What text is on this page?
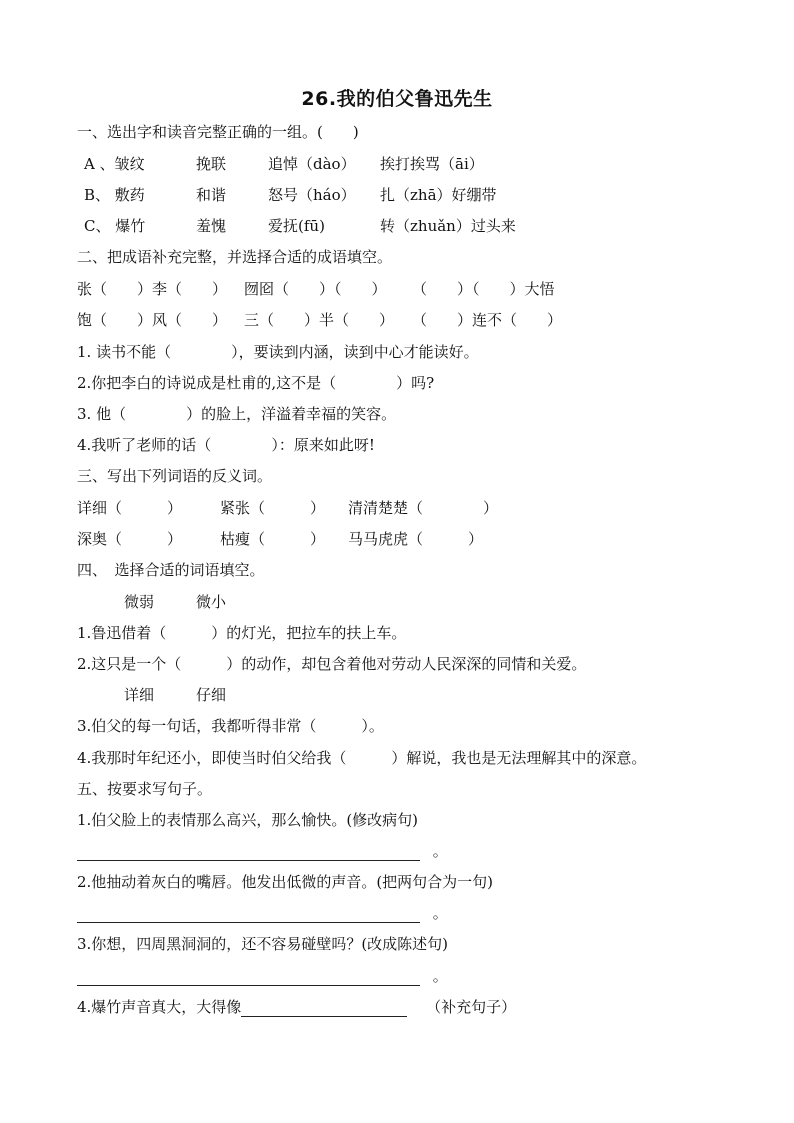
26.我的伯父鲁迅先生
一、选出字和读音完整正确的一组。(　　)
A 、皱纹	挽联	追悼（dào） 挨打挨骂（āi）
B、 敷药	和谐	怒号（háo） 扎（zhā）好绷带
C、 爆竹	羞愧	爱抚(fū)	转（zhuǎn）过头来
二、把成语补充完整，并选择合适的成语填空。
张（　　）李（　　） 囫囵（　　）（　　） （　　）（　　）大悟
饱（　　）风（　　） 三（　　）半（　　） （　　）连不（　　）
1. 读书不能（　　　　），要读到内涵，读到中心才能读好。
2.你把李白的诗说成是杜甫的,这不是（　　　　）吗?
3. 他（　　　　）的脸上，洋溢着幸福的笑容。
4.我听了老师的话（　　　　）：原来如此呀!
三、写出下列词语的反义词。
详细（　　　）	紧张（　　　） 清清楚楚（　　　　）
深奥（　　　）	枯瘦（　　　） 马马虎虎（　　　）
四、　选择合适的词语填空。
微弱	微小
1.鲁迅借着（　　　）的灯光，把拉车的扶上车。
2.这只是一个（　　　）的动作，却包含着他对劳动人民深深的同情和关爱。
详细	仔细
3.伯父的每一句话，我都听得非常（　　　）。
4.我那时年纪还小，即使当时伯父给我（　　　）解说，我也是无法理解其中的深意。
五、按要求写句子。
1.伯父脸上的表情那么高兴，那么愉快。(修改病句)
。
2.他抽动着灰白的嘴唇。他发出低微的声音。(把两句合为一句)
。
3.你想，四周黑洞洞的，还不容易碰壁吗？(改成陈述句)
。
4.爆竹声音真大，大得像	（补充句子）
